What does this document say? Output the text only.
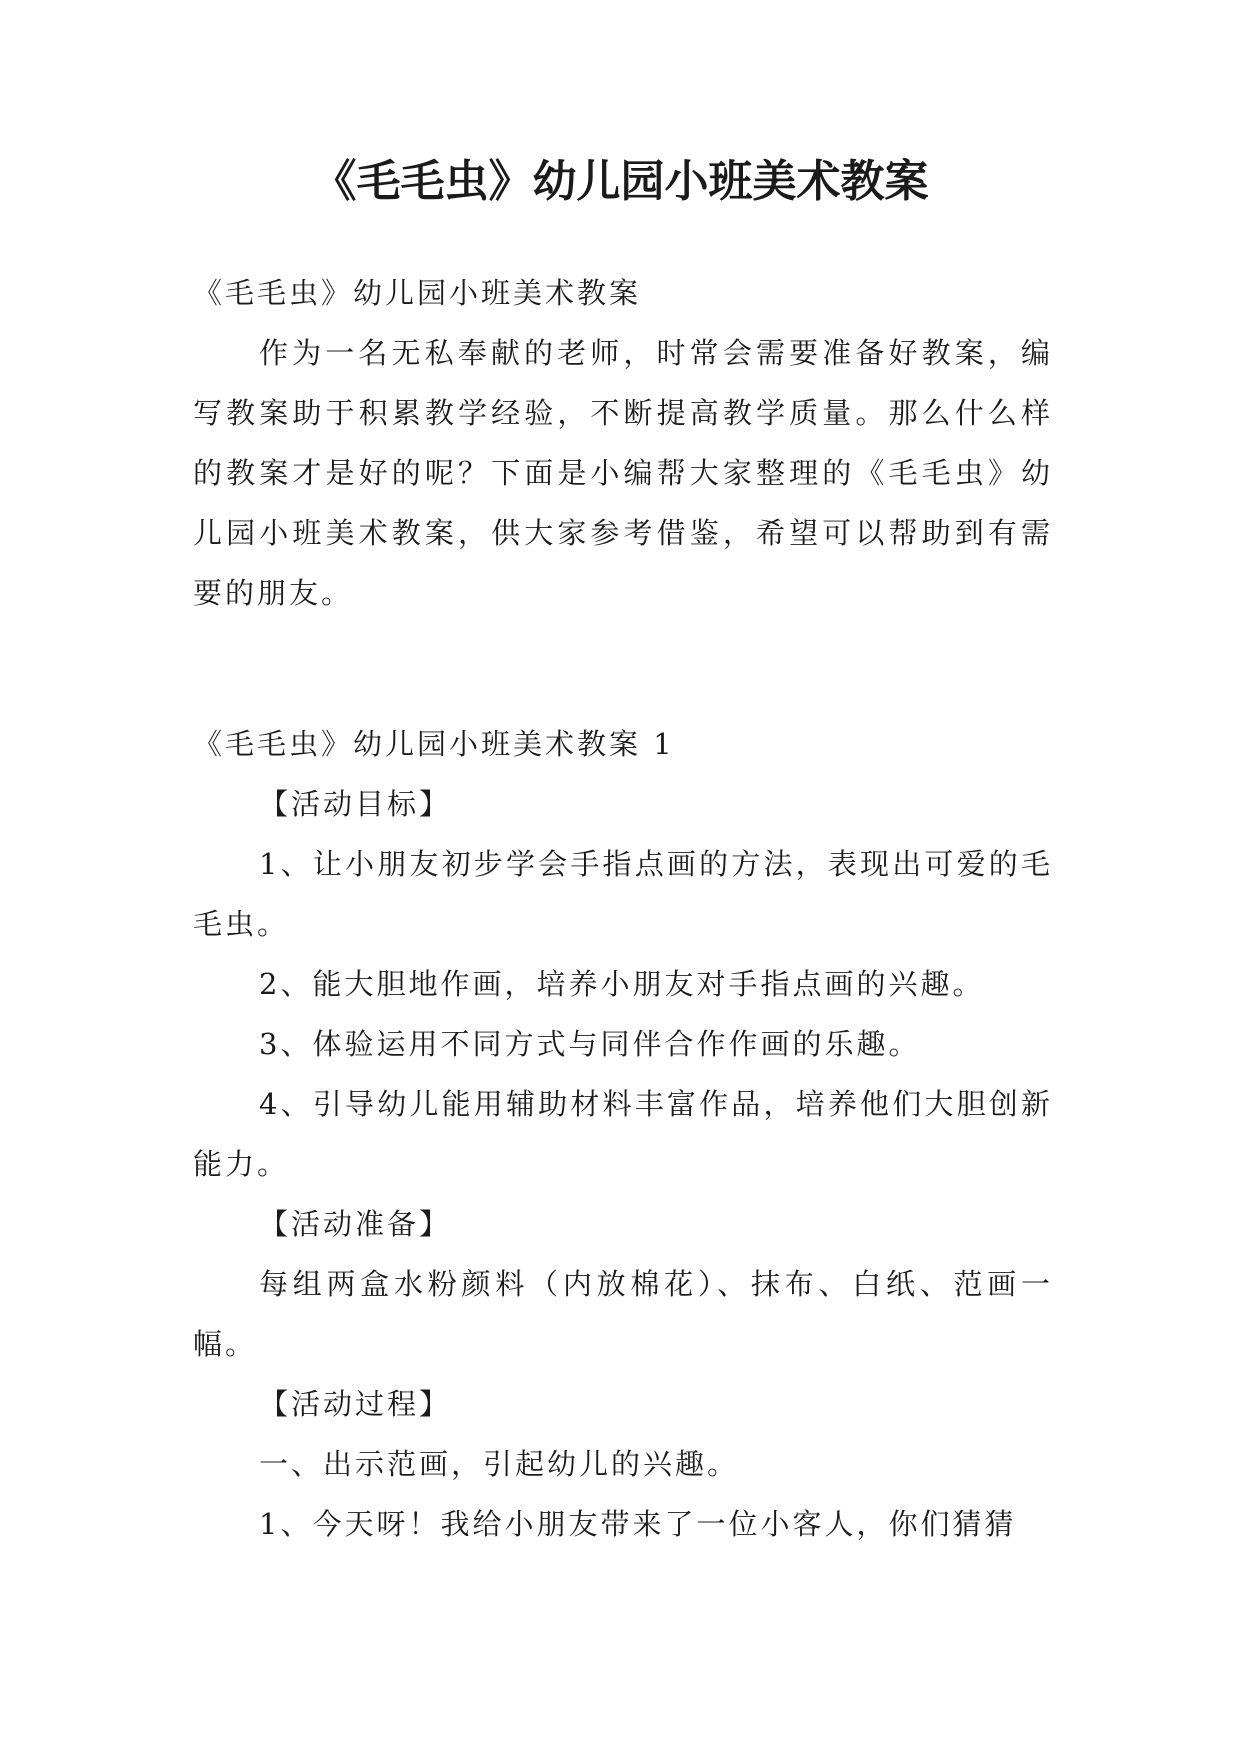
《毛毛虫》幼儿园小班美术教案

《毛毛虫》幼儿园小班美术教案

作为一名无私奉献的老师，时常会需要准备好教案，编写教案助于积累教学经验，不断提高教学质量。那么什么样的教案才是好的呢？下面是小编帮大家整理的《毛毛虫》幼儿园小班美术教案，供大家参考借鉴，希望可以帮助到有需要的朋友。

《毛毛虫》幼儿园小班美术教案 1

【活动目标】

1、让小朋友初步学会手指点画的方法，表现出可爱的毛毛虫。

2、能大胆地作画，培养小朋友对手指点画的兴趣。

3、体验运用不同方式与同伴合作作画的乐趣。

4、引导幼儿能用辅助材料丰富作品，培养他们大胆创新能力。

【活动准备】

每组两盒水粉颜料（内放棉花）、抹布、白纸、范画一幅。

【活动过程】

一、出示范画，引起幼儿的兴趣。

1、今天呀！我给小朋友带来了一位小客人，你们猜猜
